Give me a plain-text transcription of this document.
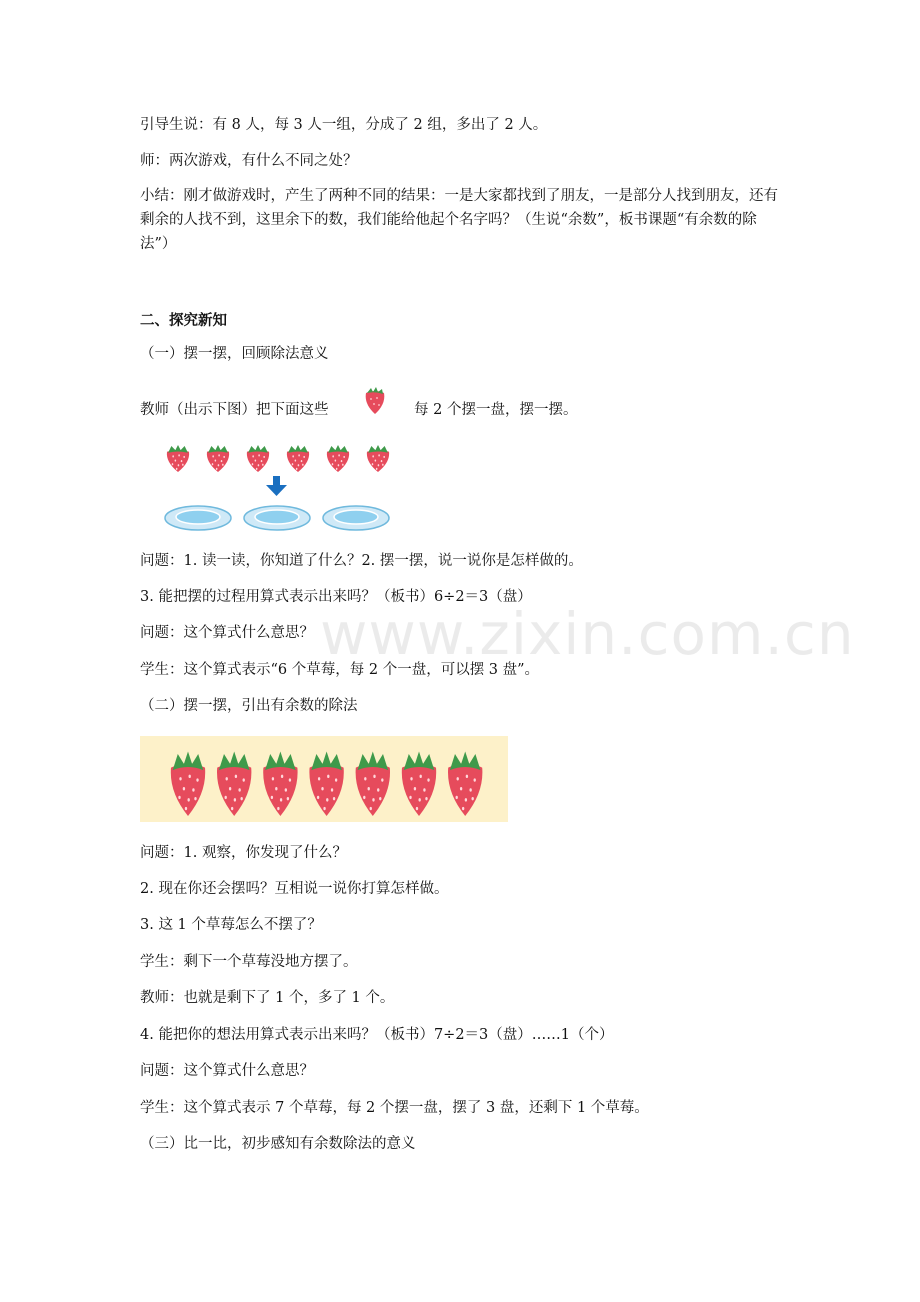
www.zixin.com.cn

引导生说：有 8 人，每 3 人一组，分成了 2 组，多出了 2 人。

师：两次游戏，有什么不同之处？

小结：刚才做游戏时，产生了两种不同的结果：一是大家都找到了朋友，一是部分人找到朋友，还有剩余的人找不到，这里余下的数，我们能给他起个名字吗？（生说“余数”，板书课题“有余数的除法”）

二、探究新知

（一）摆一摆，回顾除法意义

教师（出示下图）把下面这些	每 2 个摆一盘，摆一摆。

问题：1. 读一读，你知道了什么？2. 摆一摆，说一说你是怎样做的。

3. 能把摆的过程用算式表示出来吗？（板书）6÷2＝3（盘）

问题：这个算式什么意思？

学生：这个算式表示“6 个草莓，每 2 个一盘，可以摆 3 盘”。

（二）摆一摆，引出有余数的除法

问题：1. 观察，你发现了什么？

2. 现在你还会摆吗？互相说一说你打算怎样做。

3. 这 1 个草莓怎么不摆了？

学生：剩下一个草莓没地方摆了。

教师：也就是剩下了 1 个，多了 1 个。

4. 能把你的想法用算式表示出来吗？（板书）7÷2＝3（盘）……1（个）

问题：这个算式什么意思？

学生：这个算式表示 7 个草莓，每 2 个摆一盘，摆了 3 盘，还剩下 1 个草莓。

（三）比一比，初步感知有余数除法的意义
